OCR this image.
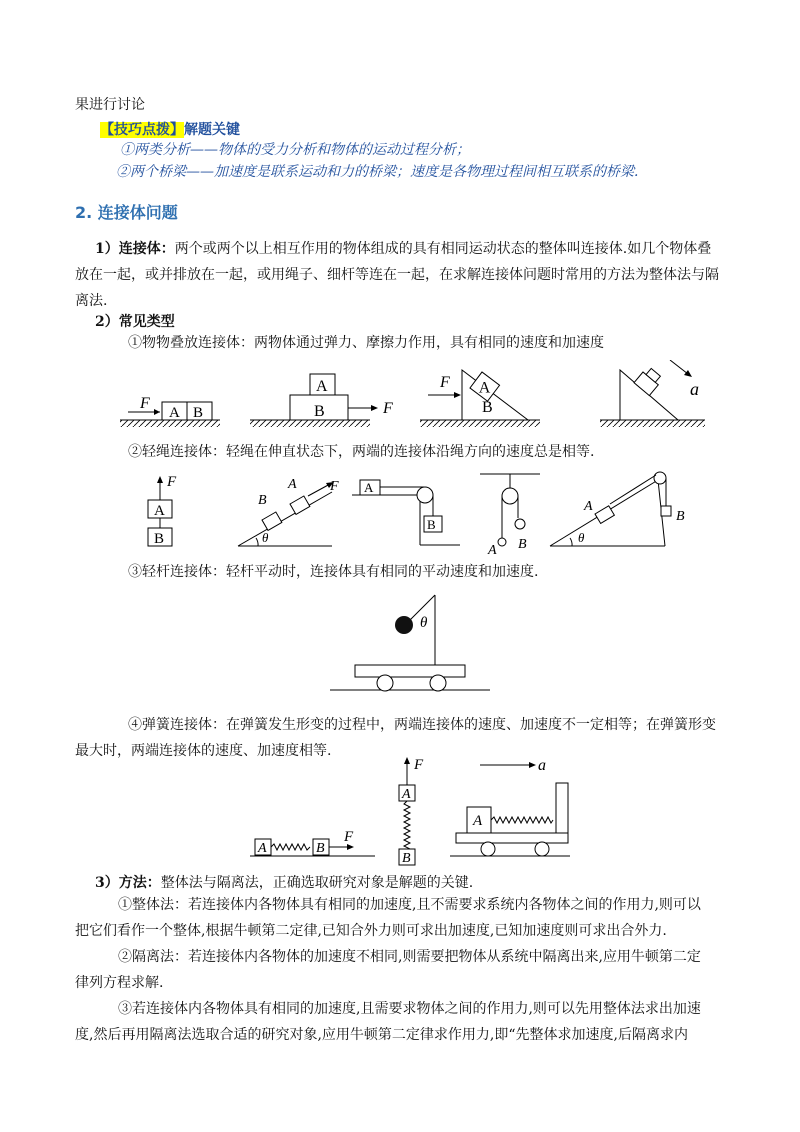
果进行讨论
【技巧点拨】解题关键
①两类分析——物体的受力分析和物体的运动过程分析；
②两个桥梁——加速度是联系运动和力的桥梁；速度是各物理过程间相互联系的桥梁.
2. 连接体问题
1）连接体：两个或两个以上相互作用的物体组成的具有相同运动状态的整体叫连接体.如几个物体叠
放在一起，或并排放在一起，或用绳子、细杆等连在一起，在求解连接体问题时常用的方法为整体法与隔
离法.
2）常见类型
①物物叠放连接体：两物体通过弹力、摩擦力作用，具有相同的速度和加速度
A B
F
A
B	F
A
B
F	a
②轻绳连接体：轻绳在伸直状态下，两端的连接体沿绳方向的速度总是相等.
A
B
F
B
A F
θ
A
B
A B
A
B
θ
③轻杆连接体：轻杆平动时，连接体具有相同的平动速度和加速度.
θ
④弹簧连接体：在弹簧发生形变的过程中，两端连接体的速度、加速度不一定相等；在弹簧形变
最大时，两端连接体的速度、加速度相等.
A	B
F
F
A
B
a
A
3）方法：整体法与隔离法，正确选取研究对象是解题的关键.
①整体法：若连接体内各物体具有相同的加速度,且不需要求系统内各物体之间的作用力,则可以
把它们看作一个整体,根据牛顿第二定律,已知合外力则可求出加速度,已知加速度则可求出合外力.
②隔离法：若连接体内各物体的加速度不相同,则需要把物体从系统中隔离出来,应用牛顿第二定
律列方程求解.
③若连接体内各物体具有相同的加速度,且需要求物体之间的作用力,则可以先用整体法求出加速
度,然后再用隔离法选取合适的研究对象,应用牛顿第二定律求作用力,即“先整体求加速度,后隔离求内
